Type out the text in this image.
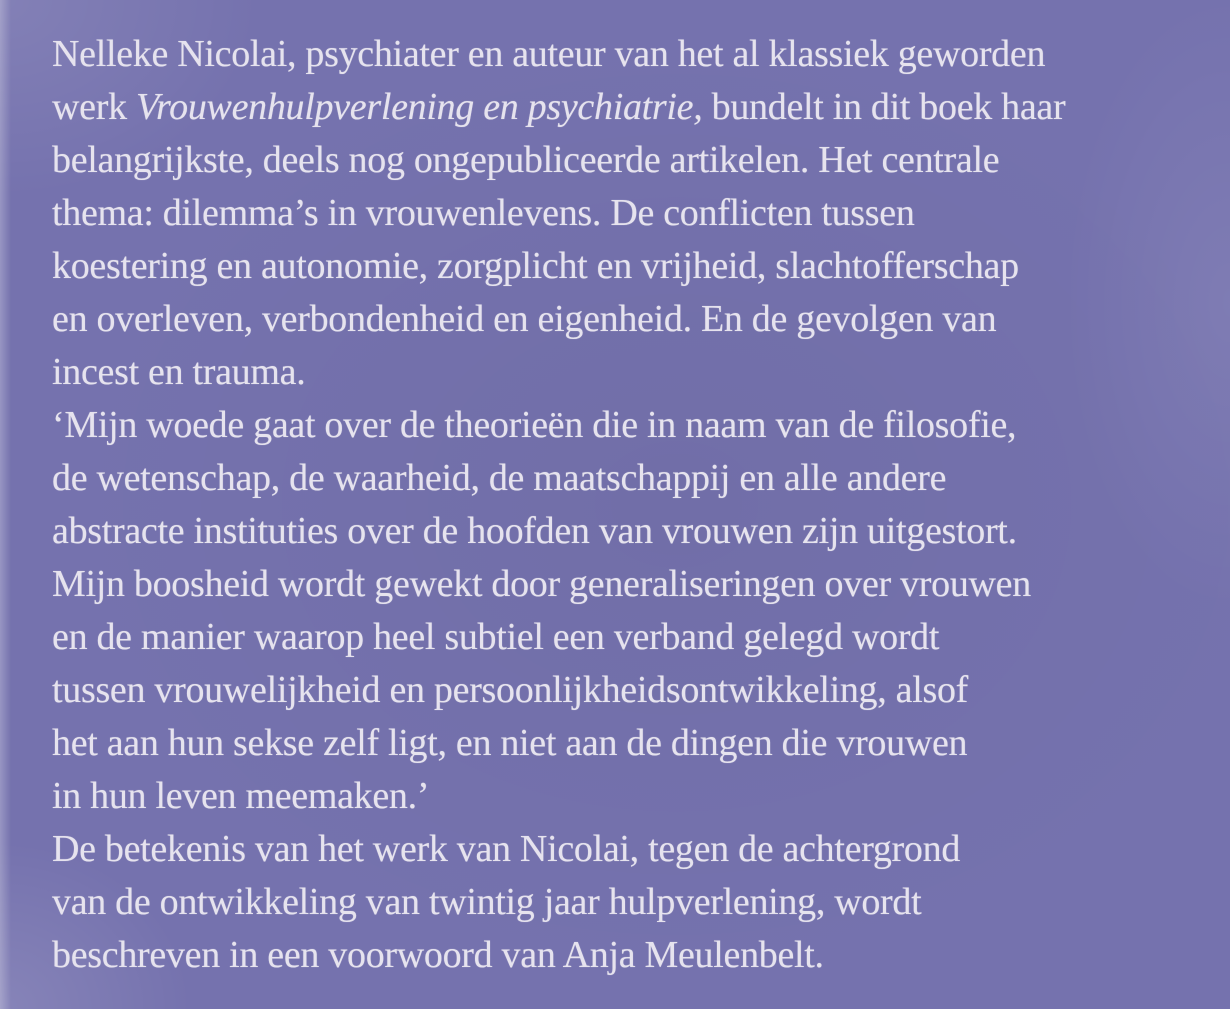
Nelleke Nicolai, psychiater en auteur van het al klassiek geworden
werk Vrouwenhulpverlening en psychiatrie, bundelt in dit boek haar
belangrijkste, deels nog ongepubliceerde artikelen. Het centrale
thema: dilemma’s in vrouwenlevens. De conflicten tussen
koestering en autonomie, zorgplicht en vrijheid, slachtofferschap
en overleven, verbondenheid en eigenheid. En de gevolgen van
incest en trauma.
‘Mijn woede gaat over de theorieën die in naam van de filosofie,
de wetenschap, de waarheid, de maatschappij en alle andere
abstracte instituties over de hoofden van vrouwen zijn uitgestort.
Mijn boosheid wordt gewekt door generaliseringen over vrouwen
en de manier waarop heel subtiel een verband gelegd wordt
tussen vrouwelijkheid en persoonlijkheidsontwikkeling, alsof
het aan hun sekse zelf ligt, en niet aan de dingen die vrouwen
in hun leven meemaken.’
De betekenis van het werk van Nicolai, tegen de achtergrond
van de ontwikkeling van twintig jaar hulpverlening, wordt
beschreven in een voorwoord van Anja Meulenbelt.
